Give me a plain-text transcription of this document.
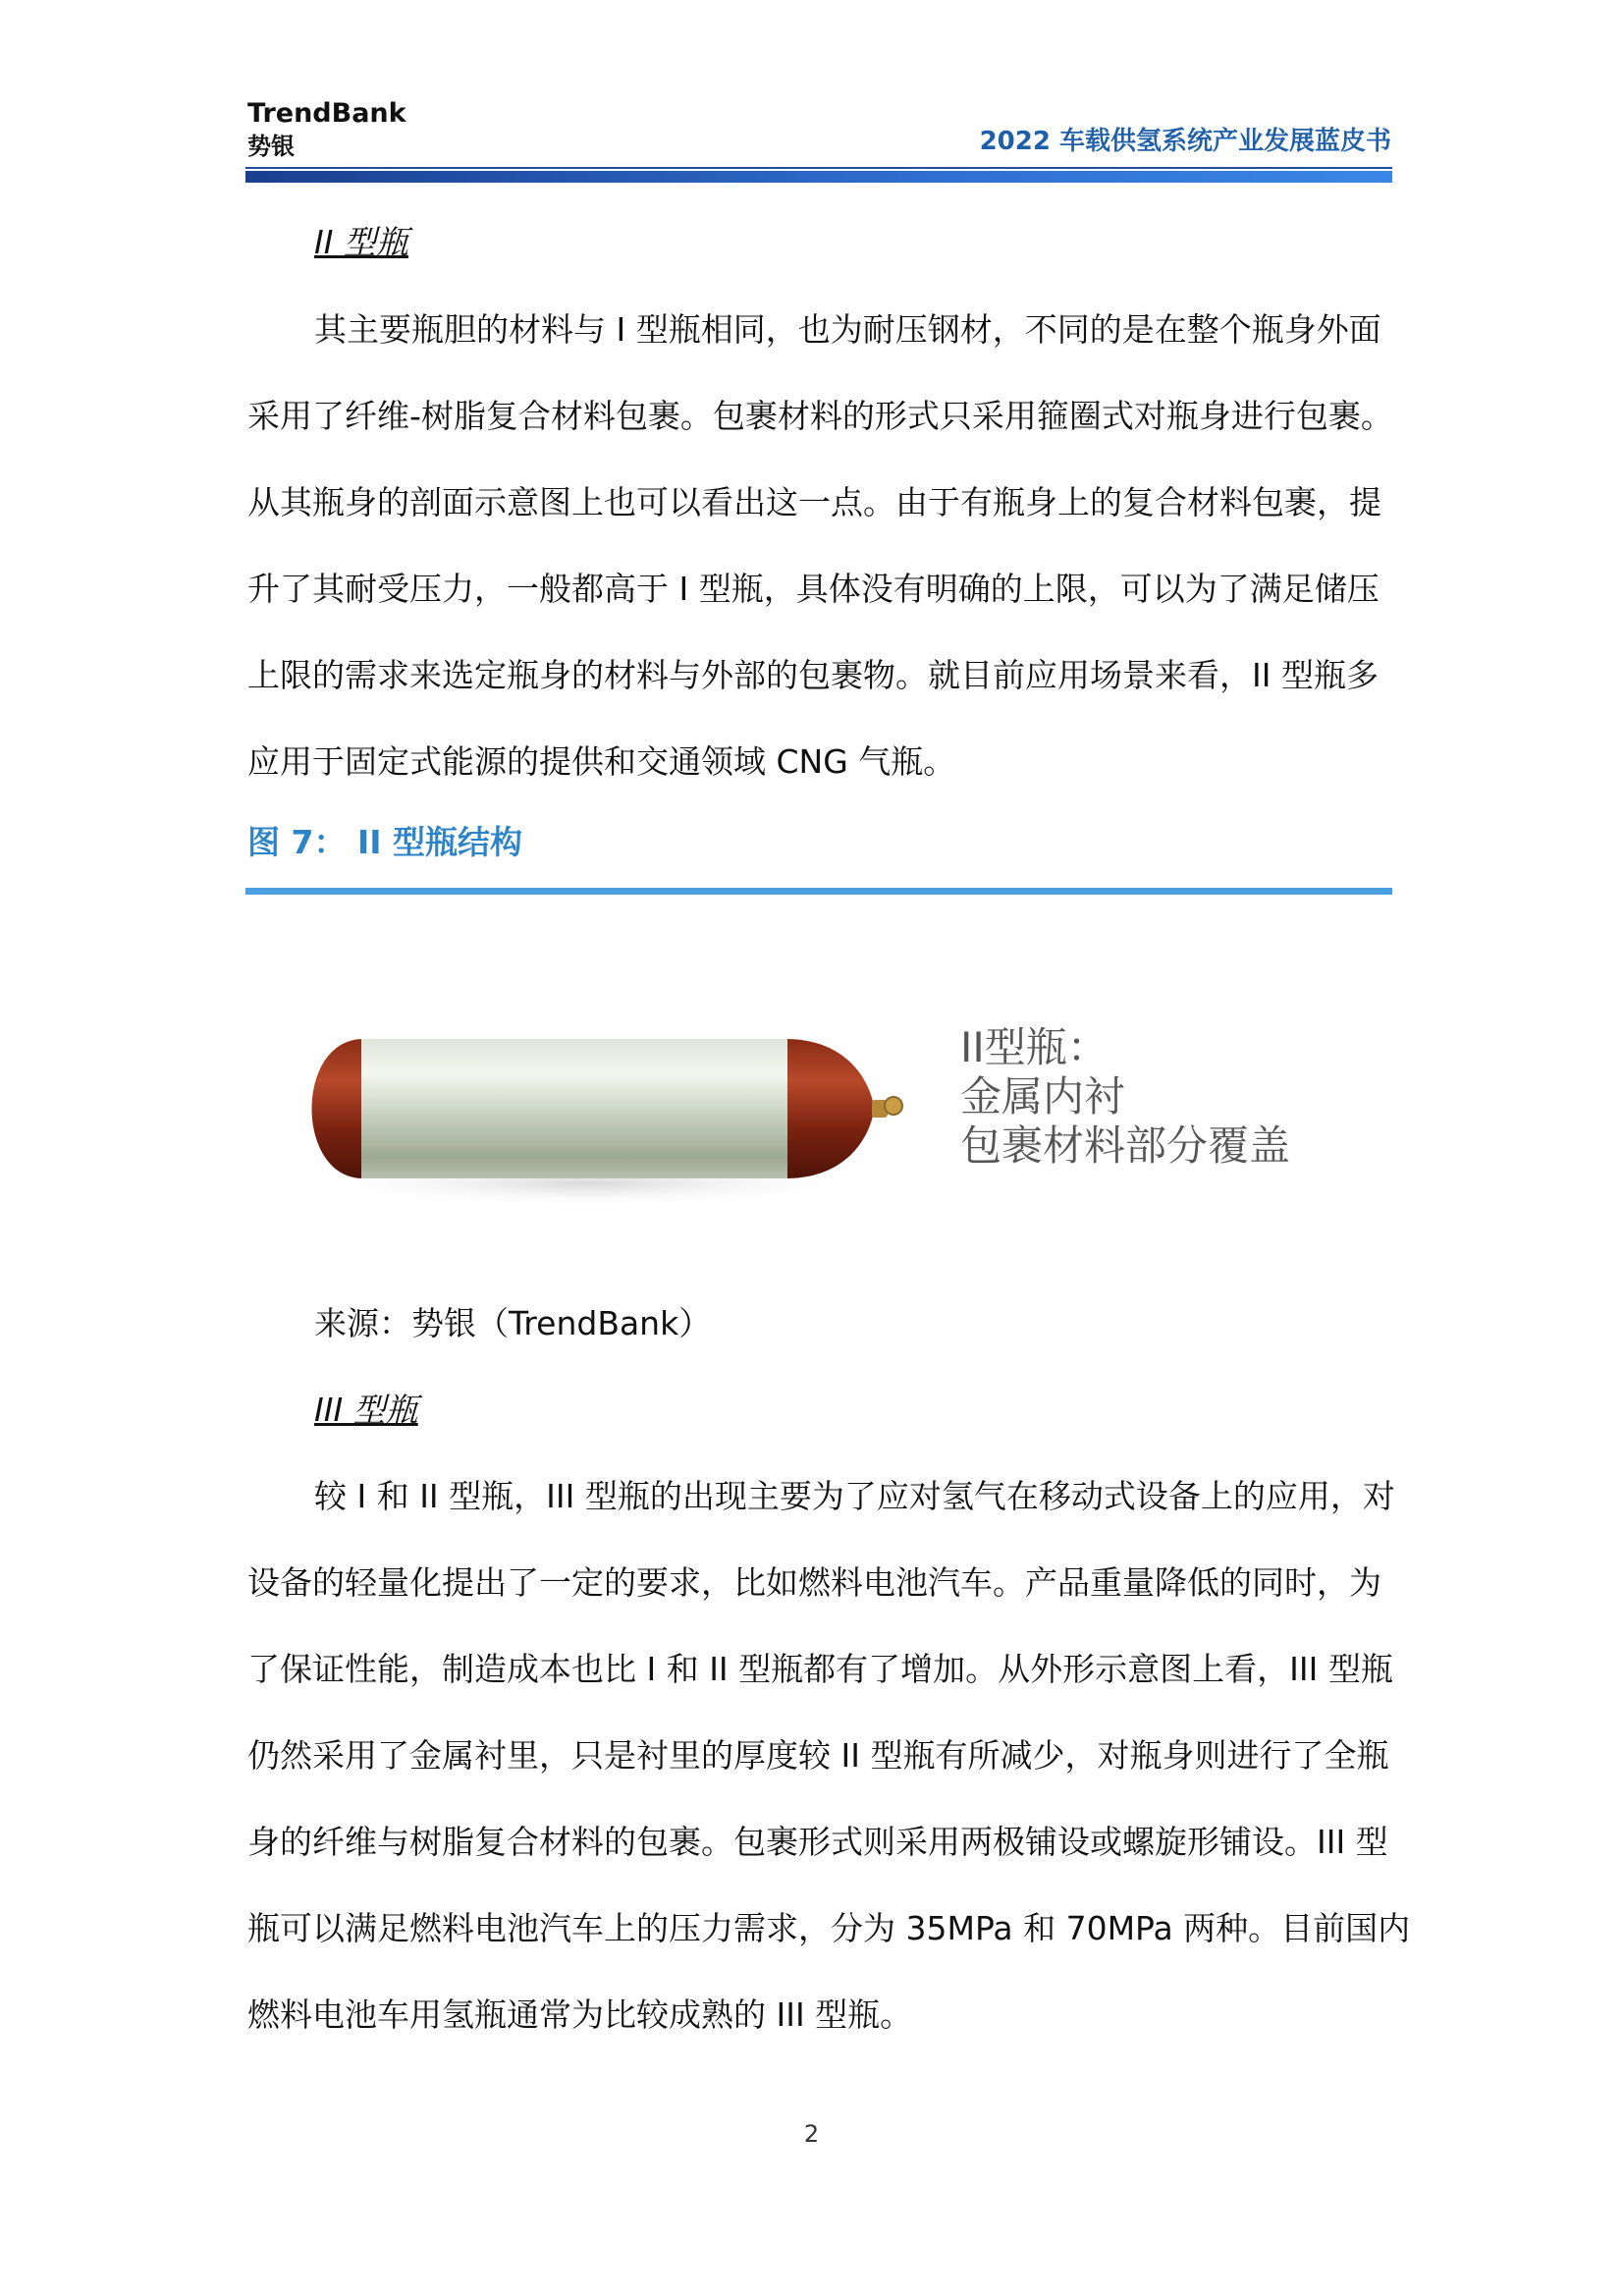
TrendBank
势银	2022 车载供氢系统产业发展蓝皮书

II 型瓶

其主要瓶胆的材料与 I 型瓶相同，也为耐压钢材，不同的是在整个瓶身外面
采用了纤维-树脂复合材料包裹。包裹材料的形式只采用箍圈式对瓶身进行包裹。
从其瓶身的剖面示意图上也可以看出这一点。由于有瓶身上的复合材料包裹，提
升了其耐受压力，一般都高于 I 型瓶，具体没有明确的上限，可以为了满足储压
上限的需求来选定瓶身的材料与外部的包裹物。就目前应用场景来看，II 型瓶多
应用于固定式能源的提供和交通领域 CNG 气瓶。
图 7： II 型瓶结构
II型瓶：
金属内衬
包裹材料部分覆盖
来源：势银（TrendBank）

III 型瓶

较 I 和 II 型瓶，III 型瓶的出现主要为了应对氢气在移动式设备上的应用，对
设备的轻量化提出了一定的要求，比如燃料电池汽车。产品重量降低的同时，为
了保证性能，制造成本也比 I 和 II 型瓶都有了增加。从外形示意图上看，III 型瓶
仍然采用了金属衬里，只是衬里的厚度较 II 型瓶有所减少，对瓶身则进行了全瓶
身的纤维与树脂复合材料的包裹。包裹形式则采用两极铺设或螺旋形铺设。III 型
瓶可以满足燃料电池汽车上的压力需求，分为 35MPa 和 70MPa 两种。目前国内
燃料电池车用氢瓶通常为比较成熟的 III 型瓶。
2
